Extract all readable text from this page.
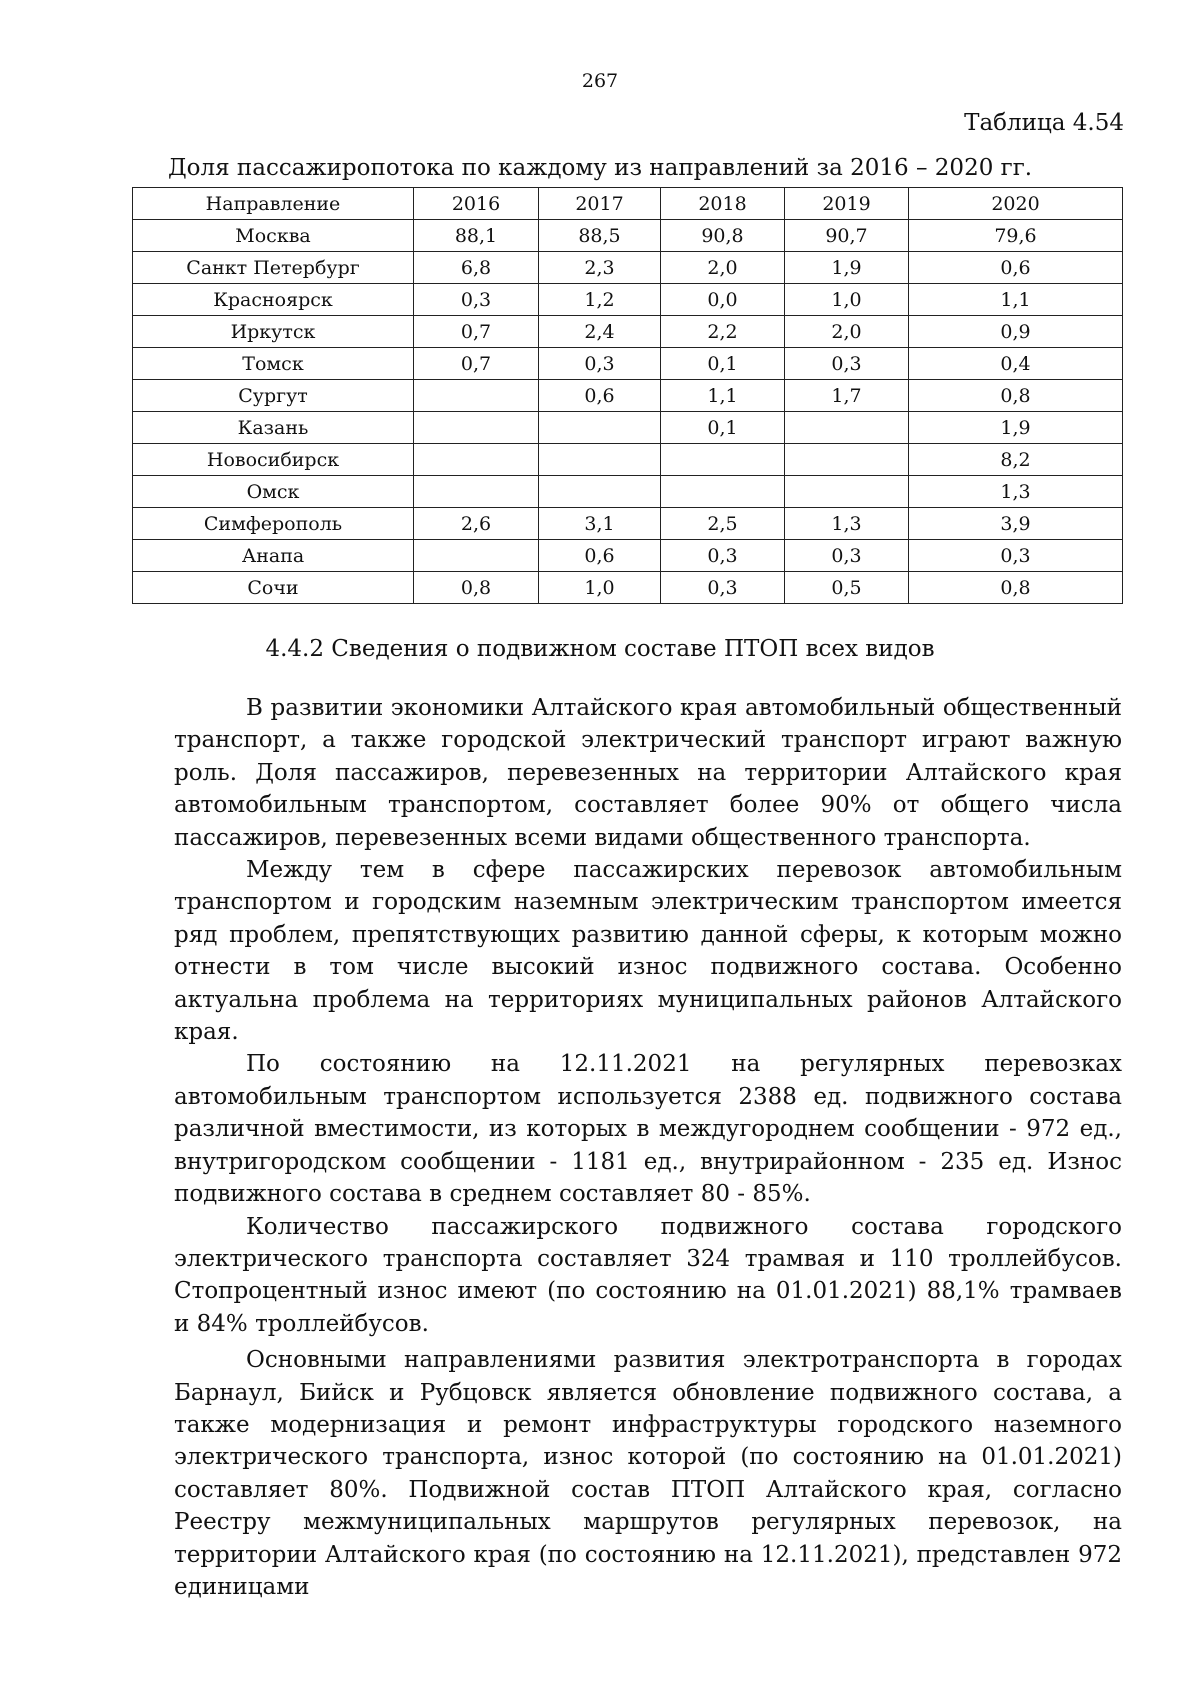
267
Таблица 4.54
Доля пассажиропотока по каждому из направлений за 2016 – 2020 гг.
Направление	2016	2017	2018	2019	2020
Москва	88,1	88,5	90,8	90,7	79,6
Санкт Петербург	6,8	2,3	2,0	1,9	0,6
Красноярск	0,3	1,2	0,0	1,0	1,1
Иркутск	0,7	2,4	2,2	2,0	0,9
Томск	0,7	0,3	0,1	0,3	0,4
Сургут		0,6	1,1	1,7	0,8
Казань			0,1		1,9
Новосибирск					8,2
Омск					1,3
Симферополь	2,6	3,1	2,5	1,3	3,9
Анапа		0,6	0,3	0,3	0,3
Сочи	0,8	1,0	0,3	0,5	0,8
4.4.2 Сведения о подвижном составе ПТОП всех видов

В развитии экономики Алтайского края автомобильный общественный транспорт, а также городской электрический транспорт играют важную роль. Доля пассажиров, перевезенных на территории Алтайского края автомобильным транспортом, составляет более 90% от общего числа пассажиров, перевезенных всеми видами общественного транспорта.

Между тем в сфере пассажирских перевозок автомобильным транспортом и городским наземным электрическим транспортом имеется ряд проблем, препятствующих развитию данной сферы, к которым можно отнести в том числе высокий износ подвижного состава. Особенно актуальна проблема на территориях муниципальных районов Алтайского края.

По состоянию на 12.11.2021 на регулярных перевозках автомобильным транспортом используется 2388 ед. подвижного состава различной вместимости, из которых в междугороднем сообщении - 972 ед., внутригородском сообщении - 1181 ед., внутрирайонном - 235 ед. Износ подвижного состава в среднем составляет 80 - 85%.

Количество пассажирского подвижного состава городского электрического транспорта составляет 324 трамвая и 110 троллейбусов. Стопроцентный износ имеют (по состоянию на 01.01.2021) 88,1% трамваев и 84% троллейбусов.

Основными направлениями развития электротранспорта в городах Барнаул, Бийск и Рубцовск является обновление подвижного состава, а также модернизация и ремонт инфраструктуры городского наземного электрического транспорта, износ которой (по состоянию на 01.01.2021) составляет 80%. Подвижной состав ПТОП Алтайского края, согласно Реестру межмуниципальных маршрутов регулярных перевозок, на территории Алтайского края (по состоянию на 12.11.2021), представлен 972 единицами
